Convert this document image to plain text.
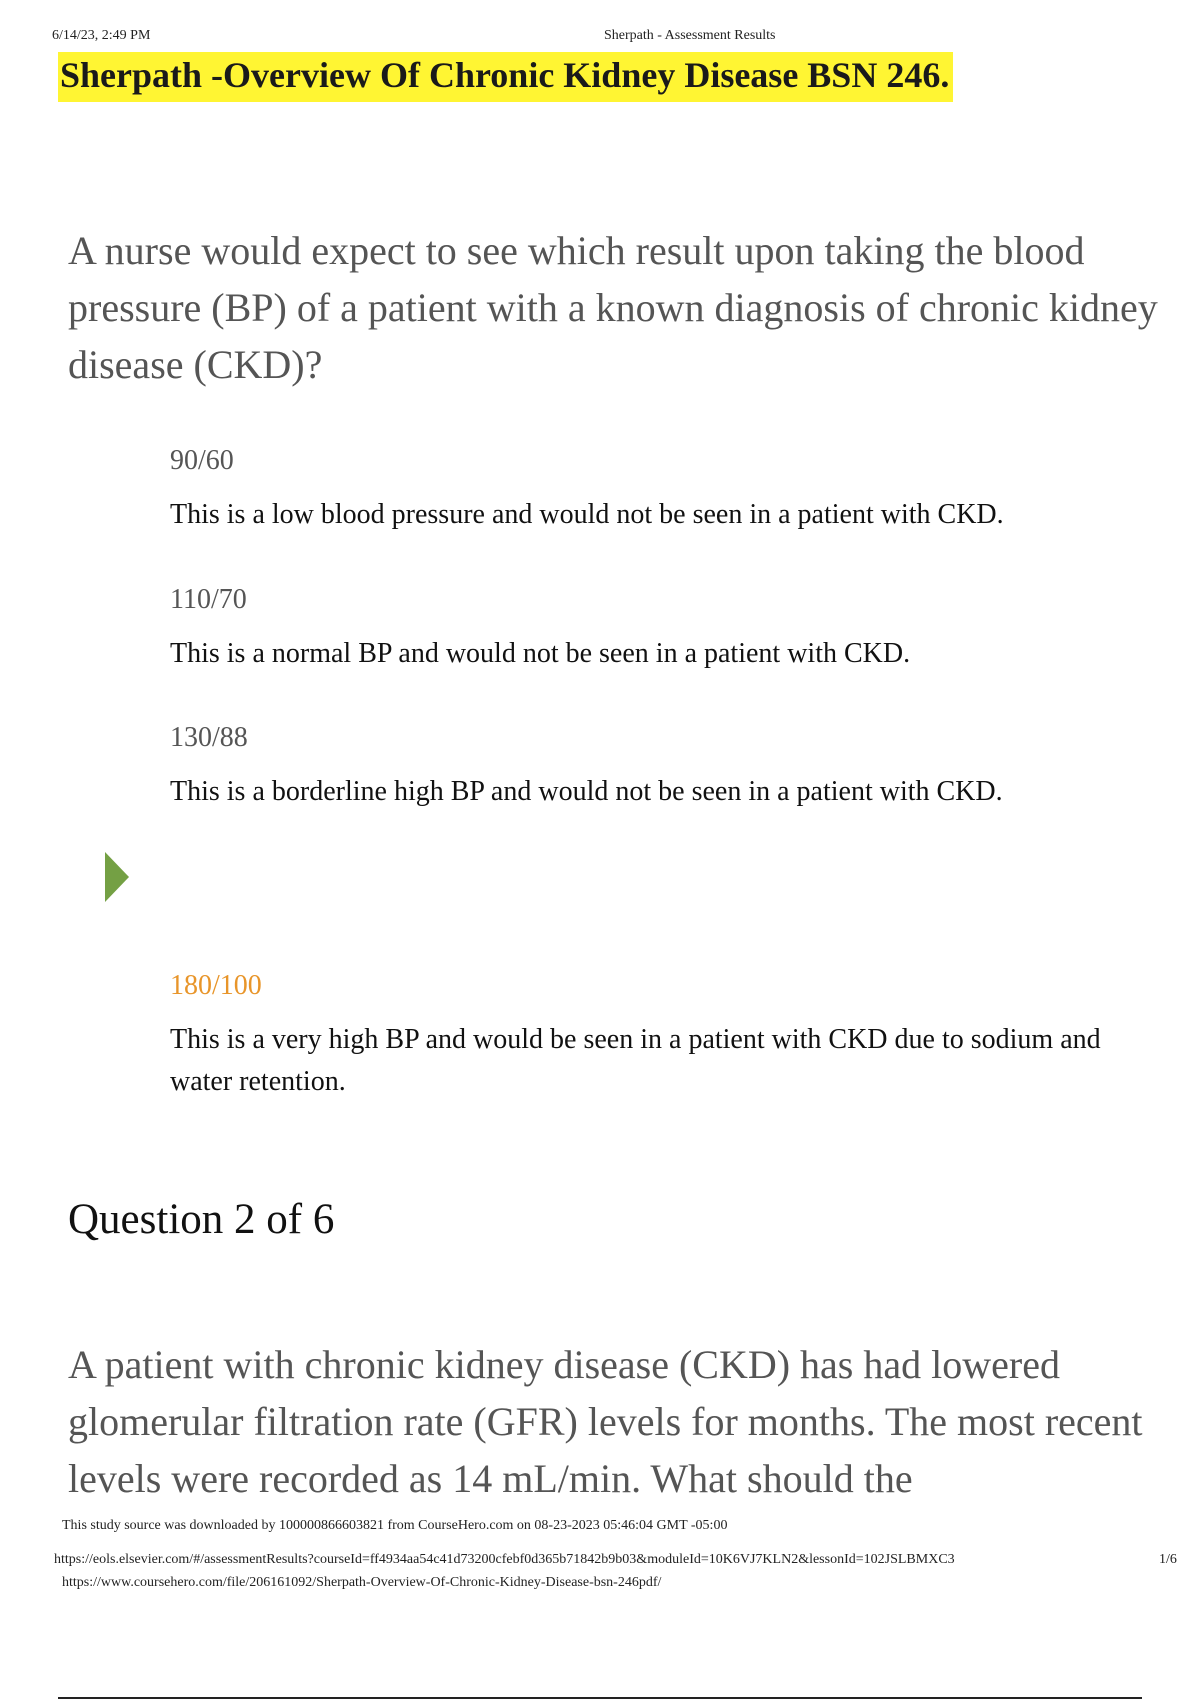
6/14/23, 2:49 PM	Sherpath - Assessment Results
Sherpath -Overview Of Chronic Kidney Disease BSN 246.
A nurse would expect to see which result upon taking the blood pressure (BP) of a patient with a known diagnosis of chronic kidney disease (CKD)?
90/60
This is a low blood pressure and would not be seen in a patient with CKD.
110/70
This is a normal BP and would not be seen in a patient with CKD.
130/88
This is a borderline high BP and would not be seen in a patient with CKD.
180/100
This is a very high BP and would be seen in a patient with CKD due to sodium and water retention.
Question 2 of 6
A patient with chronic kidney disease (CKD) has had lowered glomerular filtration rate (GFR) levels for months. The most recent levels were recorded as 14 mL/min. What should the
This study source was downloaded by 100000866603821 from CourseHero.com on 08-23-2023 05:46:04 GMT -05:00
https://eols.elsevier.com/#/assessmentResults?courseId=ff4934aa54c41d73200cfebf0d365b71842b9b03&moduleId=10K6VJ7KLN2&lessonId=102JSLBMXC3	1/6
https://www.coursehero.com/file/206161092/Sherpath-Overview-Of-Chronic-Kidney-Disease-bsn-246pdf/
